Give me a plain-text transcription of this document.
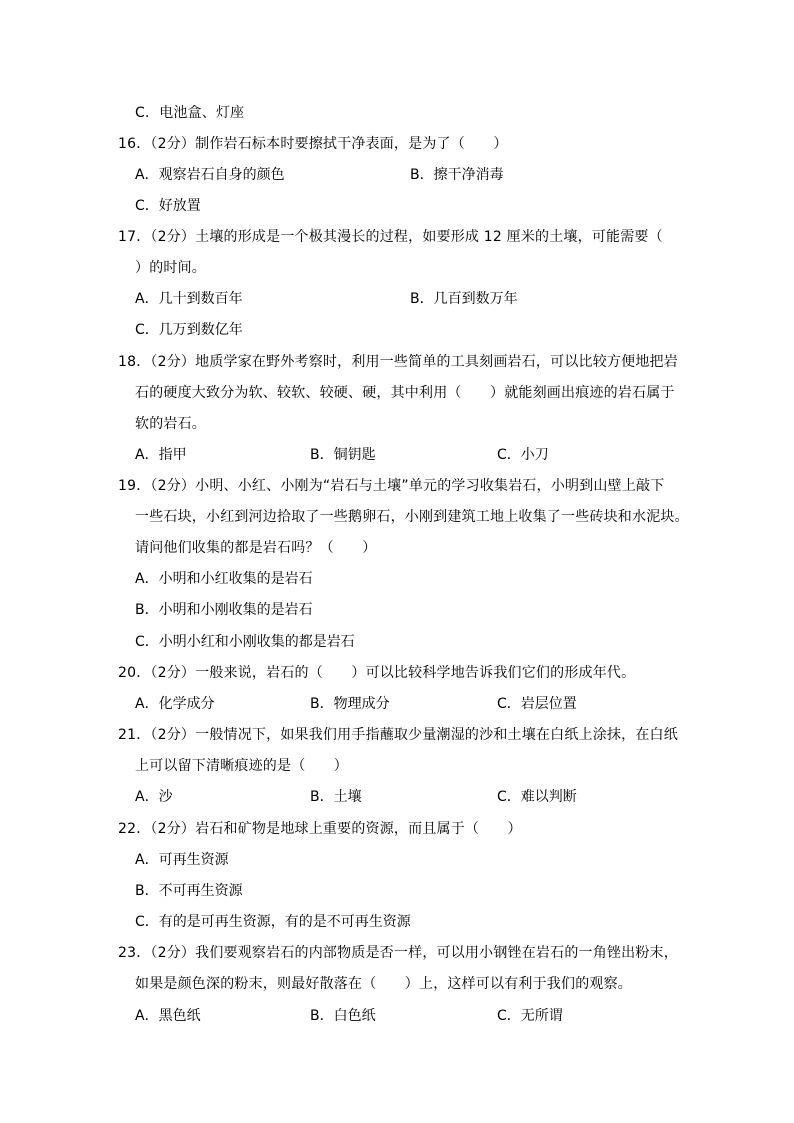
C．电池盒、灯座
16．（2分）制作岩石标本时要擦拭干净表面，是为了（　　）
A．观察岩石自身的颜色	B．擦干净消毒
C．好放置
17．（2分）土壤的形成是一个极其漫长的过程，如要形成 12 厘米的土壤，可能需要（
）的时间。
A．几十到数百年	B．几百到数万年
C．几万到数亿年
18．（2分）地质学家在野外考察时，利用一些简单的工具刻画岩石，可以比较方便地把岩
石的硬度大致分为软、较软、较硬、硬，其中利用（　　）就能刻画出痕迹的岩石属于
软的岩石。
A．指甲	B．铜钥匙	C．小刀
19．（2分）小明、小红、小刚为“岩石与土壤”单元的学习收集岩石，小明到山壁上敲下
一些石块，小红到河边拾取了一些鹅卵石，小刚到建筑工地上收集了一些砖块和水泥块。
请问他们收集的都是岩石吗？（　　）
A．小明和小红收集的是岩石
B．小明和小刚收集的是岩石
C．小明小红和小刚收集的都是岩石
20．（2分）一般来说，岩石的（　　）可以比较科学地告诉我们它们的形成年代。
A．化学成分	B．物理成分	C．岩层位置
21．（2分）一般情况下，如果我们用手指蘸取少量潮湿的沙和土壤在白纸上涂抹，在白纸
上可以留下清晰痕迹的是（　　）
A．沙	B．土壤	C．难以判断
22．（2分）岩石和矿物是地球上重要的资源，而且属于（　　）
A．可再生资源
B．不可再生资源
C．有的是可再生资源，有的是不可再生资源
23．（2分）我们要观察岩石的内部物质是否一样，可以用小钢锉在岩石的一角锉出粉末，
如果是颜色深的粉末，则最好散落在（　　）上，这样可以有利于我们的观察。
A．黑色纸	B．白色纸	C．无所谓
